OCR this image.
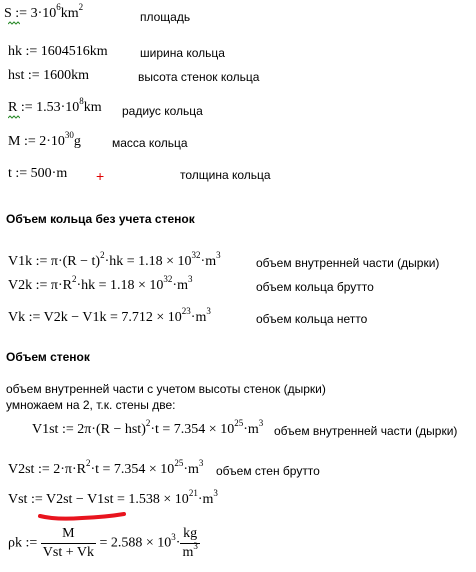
S := $3\cdot 10^6km^2$
площадь
hk := 1604516km	ширина кольца
hst := 1600km	высота стенок кольца
R := $1.53\cdot 10^8km$ радиус кольца
M := $2\cdot 10^{30}g$	масса кольца
t := 500·m +	толщина кольца
Объем кольца без учета стенок
V1k := $\pi\cdot(R - t)^2\cdot hk = 1.18 \times 10^{32}\cdot m^3$
объем внутренней части (дырки)
V2k := $\pi\cdot R^2\cdot hk = 1.18 \times 10^{32}\cdot m^3$
объем кольца брутто
Vk := $V2k - V1k = 7.712 \times 10^{23}\cdot m^3$
объем кольца нетто
Объем стенок
объем внутренней части с учетом высоты стенок (дырки)
умножаем на 2, т.к. стены две:
V1st := $2\pi\cdot(R - hst)^2\cdot t = 7.354 \times 10^{25}\cdot m^3$
объем внутренней части (дырки)
V2st := $2\cdot\pi\cdot R^2\cdot t = 7.354 \times 10^{25}\cdot m^3$
объем стен брутто
Vst := $V2st - V1st = 1.538 \times 10^{21}\cdot m^3$
ρk := $\frac{M}{\text{Vst + Vk}} = 2.588 \times 10^3\cdot \frac{kg}{m^3}$
